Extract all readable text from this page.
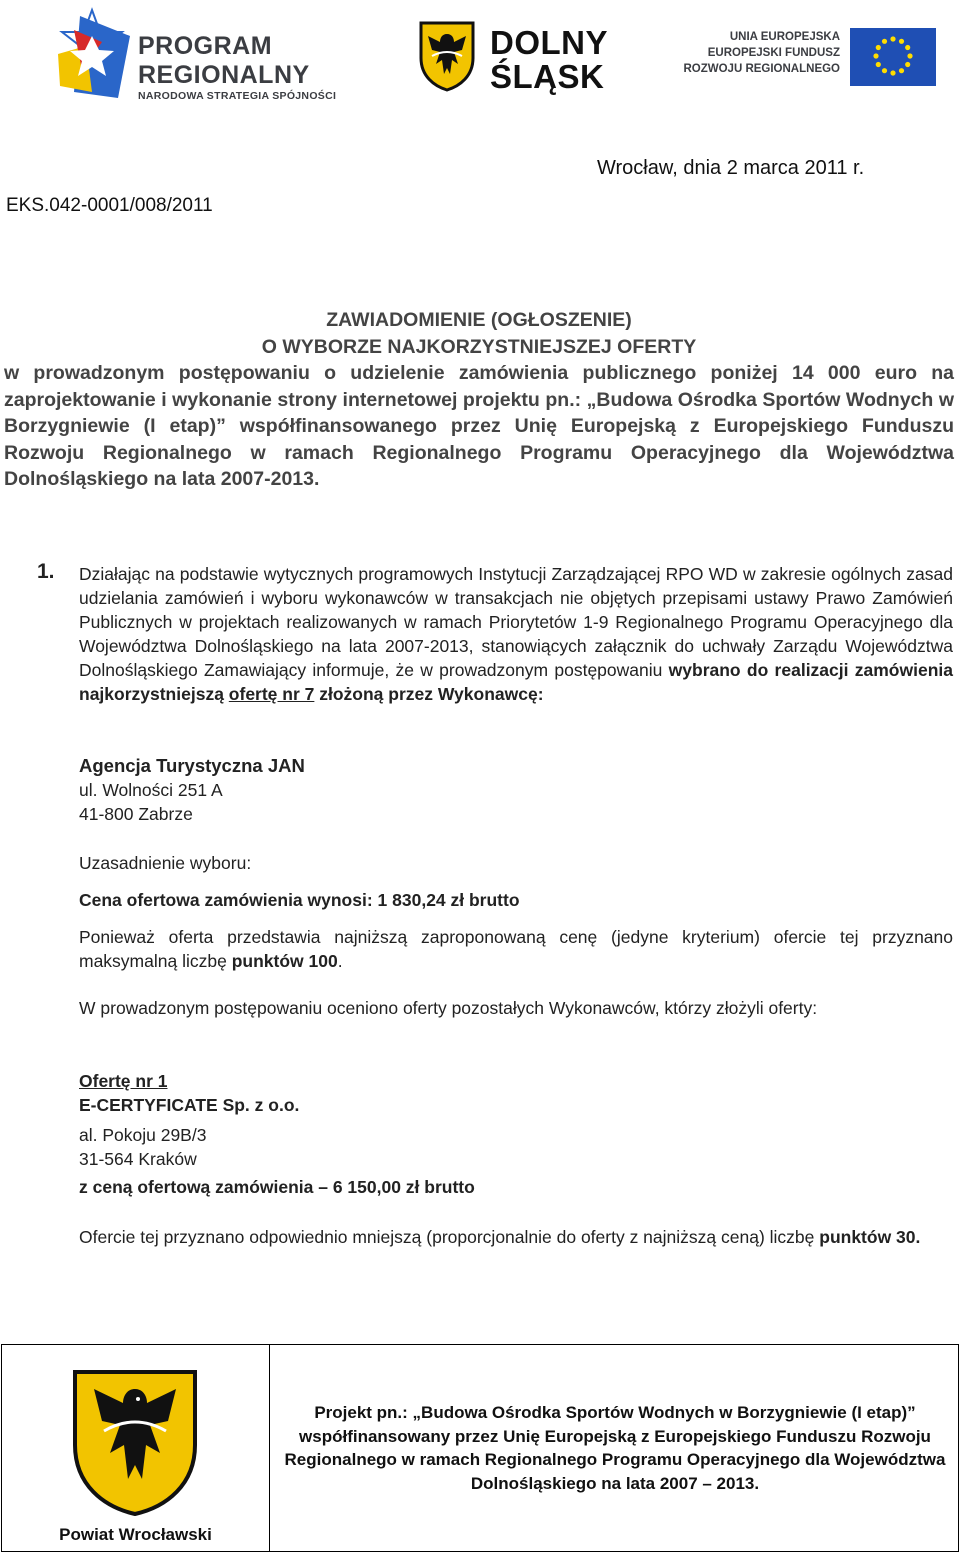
PROGRAM
REGIONALNY
NARODOWA STRATEGIA SPÓJNOŚCI
DOLNY
ŚLĄSK
UNIA EUROPEJSKA
EUROPEJSKI FUNDUSZ
ROZWOJU REGIONALNEGO
Wrocław, dnia 2 marca 2011 r.
EKS.042-0001/008/2011
ZAWIADOMIENIE (OGŁOSZENIE)
O WYBORZE NAJKORZYSTNIEJSZEJ OFERTY
w prowadzonym postępowaniu o udzielenie zamówienia publicznego poniżej 14 000 euro na zaprojektowanie i wykonanie strony internetowej projektu pn.: „Budowa Ośrodka Sportów Wodnych w Borzygniewie (I etap)” współfinansowanego przez Unię Europejską z Europejskiego Funduszu Rozwoju Regionalnego w ramach Regionalnego Programu Operacyjnego dla Województwa Dolnośląskiego na lata 2007-2013.
1. Działając na podstawie wytycznych programowych Instytucji Zarządzającej RPO WD w zakresie ogólnych zasad udzielania zamówień i wyboru wykonawców w transakcjach nie objętych przepisami ustawy Prawo Zamówień Publicznych w projektach realizowanych w ramach Priorytetów 1-9 Regionalnego Programu Operacyjnego dla Województwa Dolnośląskiego na lata 2007-2013, stanowiących załącznik do uchwały Zarządu Województwa Dolnośląskiego Zamawiający informuje, że w prowadzonym postępowaniu wybrano do realizacji zamówienia najkorzystniejszą ofertę nr 7 złożoną przez Wykonawcę:
Agencja Turystyczna JAN
ul. Wolności 251 A
41-800 Zabrze
Uzasadnienie wyboru:
Cena ofertowa zamówienia wynosi: 1 830,24 zł brutto
Ponieważ oferta przedstawia najniższą zaproponowaną cenę (jedyne kryterium) ofercie tej przyznano maksymalną liczbę punktów 100.
W prowadzonym postępowaniu oceniono oferty pozostałych Wykonawców, którzy złożyli oferty:
Ofertę nr 1
E-CERTYFICATE Sp. z o.o.
al. Pokoju 29B/3
31-564 Kraków
z ceną ofertową zamówienia – 6 150,00 zł brutto
Ofercie tej przyznano odpowiednio mniejszą (proporcjonalnie do oferty z najniższą ceną) liczbę punktów 30.
Powiat Wrocławski
Projekt pn.: „Budowa Ośrodka Sportów Wodnych w Borzygniewie (I etap)” współfinansowany przez Unię Europejską z Europejskiego Funduszu Rozwoju Regionalnego w ramach Regionalnego Programu Operacyjnego dla Województwa Dolnośląskiego na lata 2007 – 2013.
